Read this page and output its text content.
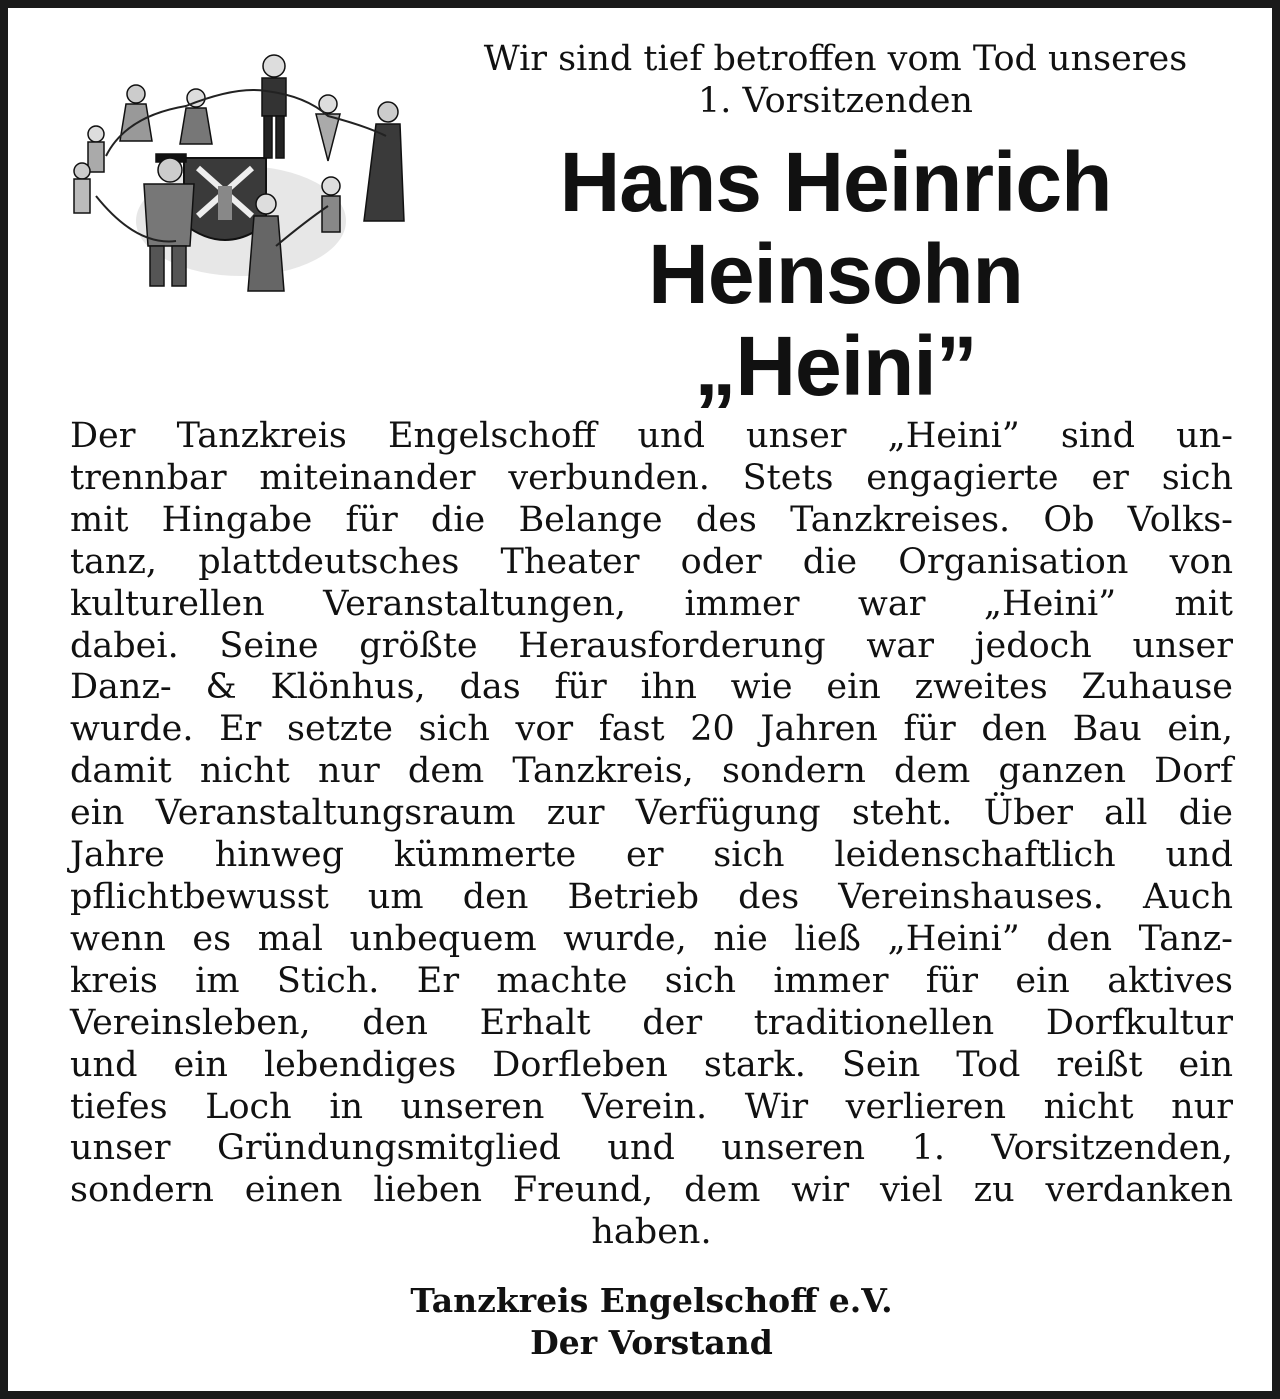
Wir sind tief betroffen vom Tod unseres
1. Vorsitzenden
Hans Heinrich
Heinsohn
„Heini”
Der Tanzkreis Engelschoff und unser „Heini” sind un-
trennbar miteinander verbunden. Stets engagierte er sich
mit Hingabe für die Belange des Tanzkreises. Ob Volks-
tanz, plattdeutsches Theater oder die Organisation von
kulturellen Veranstaltungen, immer war „Heini” mit
dabei. Seine größte Herausforderung war jedoch unser
Danz- & Klönhus, das für ihn wie ein zweites Zuhause
wurde. Er setzte sich vor fast 20 Jahren für den Bau ein,
damit nicht nur dem Tanzkreis, sondern dem ganzen Dorf
ein Veranstaltungsraum zur Verfügung steht. Über all die
Jahre hinweg kümmerte er sich leidenschaftlich und
pflichtbewusst um den Betrieb des Vereinshauses. Auch
wenn es mal unbequem wurde, nie ließ „Heini” den Tanz-
kreis im Stich. Er machte sich immer für ein aktives
Vereinsleben, den Erhalt der traditionellen Dorfkultur
und ein lebendiges Dorfleben stark. Sein Tod reißt ein
tiefes Loch in unseren Verein. Wir verlieren nicht nur
unser Gründungsmitglied und unseren 1. Vorsitzenden,
sondern einen lieben Freund, dem wir viel zu verdanken
haben.
Tanzkreis Engelschoff e.V.
Der Vorstand
